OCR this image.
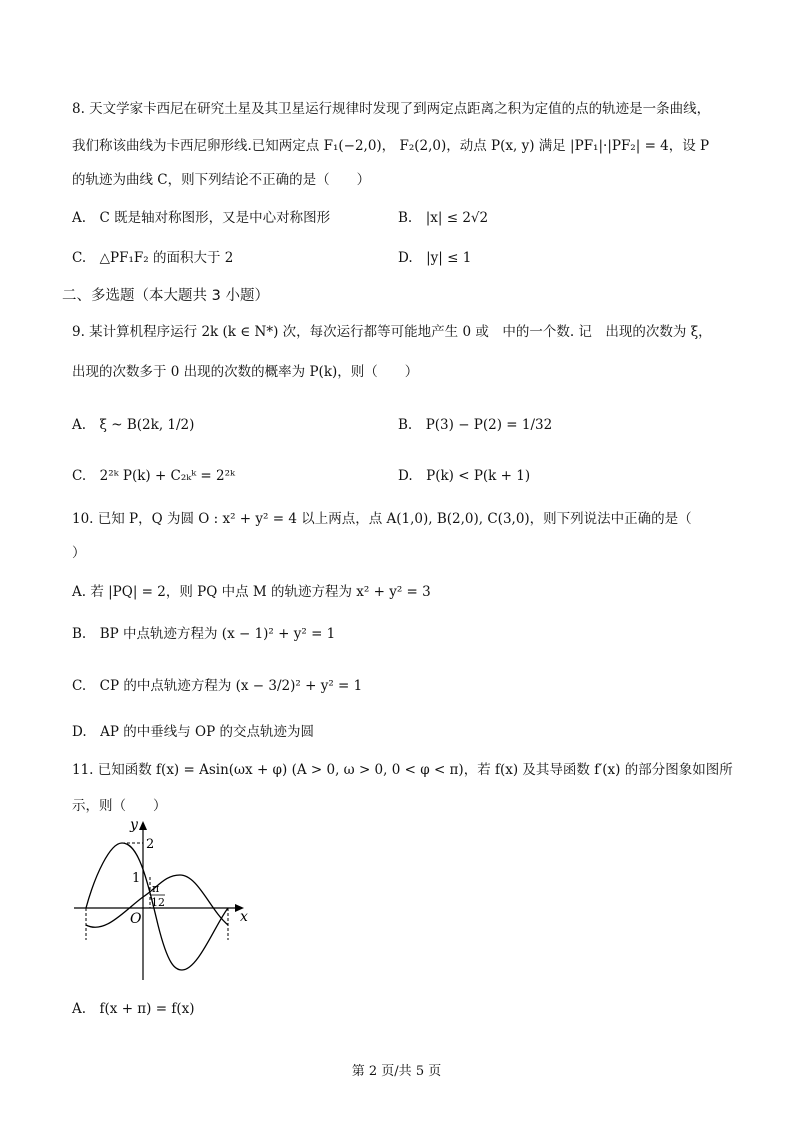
8. 天文学家卡西尼在研究土星及其卫星运行规律时发现了到两定点距离之积为定值的点的轨迹是一条曲线，
我们称该曲线为卡西尼卵形线.已知两定点 F₁(−2,0)， F₂(2,0)，动点 P(x, y) 满足 |PF₁|·|PF₂| = 4，设 P
的轨迹为曲线 C，则下列结论不正确的是（　　）
A.　C 既是轴对称图形，又是中心对称图形	B.　|x| ≤ 2√2
C.　△PF₁F₂ 的面积大于 2	D.　|y| ≤ 1
二、多选题（本大题共 3 小题）
9. 某计算机程序运行 2k (k ∈ N*) 次，每次运行都等可能地产生 0 或　中的一个数. 记　出现的次数为 ξ，
出现的次数多于 0 出现的次数的概率为 P(k)，则（　　）
A.　ξ ~ B(2k, 1/2)	B.　P(3) − P(2) = 1/32
C.　2²ᵏ P(k) + C₂ₖᵏ = 2²ᵏ	D.　P(k) < P(k + 1)
10. 已知 P，Q 为圆 O : x² + y² = 4 以上两点，点 A(1,0), B(2,0), C(3,0)，则下列说法中正确的是（
）
A. 若 |PQ| = 2，则 PQ 中点 M 的轨迹方程为 x² + y² = 3
B.　BP 中点轨迹方程为 (x − 1)² + y² = 1
C.　CP 的中点轨迹方程为 (x − 3/2)² + y² = 1
D.　AP 的中垂线与 OP 的交点轨迹为圆
11. 已知函数 f(x) = Asin(ωx + φ) (A > 0, ω > 0, 0 < φ < π)，若 f(x) 及其导函数 f′(x) 的部分图象如图所
示，则（　　）
y
x
O
2
1
π
12
A.　f(x + π) = f(x)
第 2 页/共 5 页
